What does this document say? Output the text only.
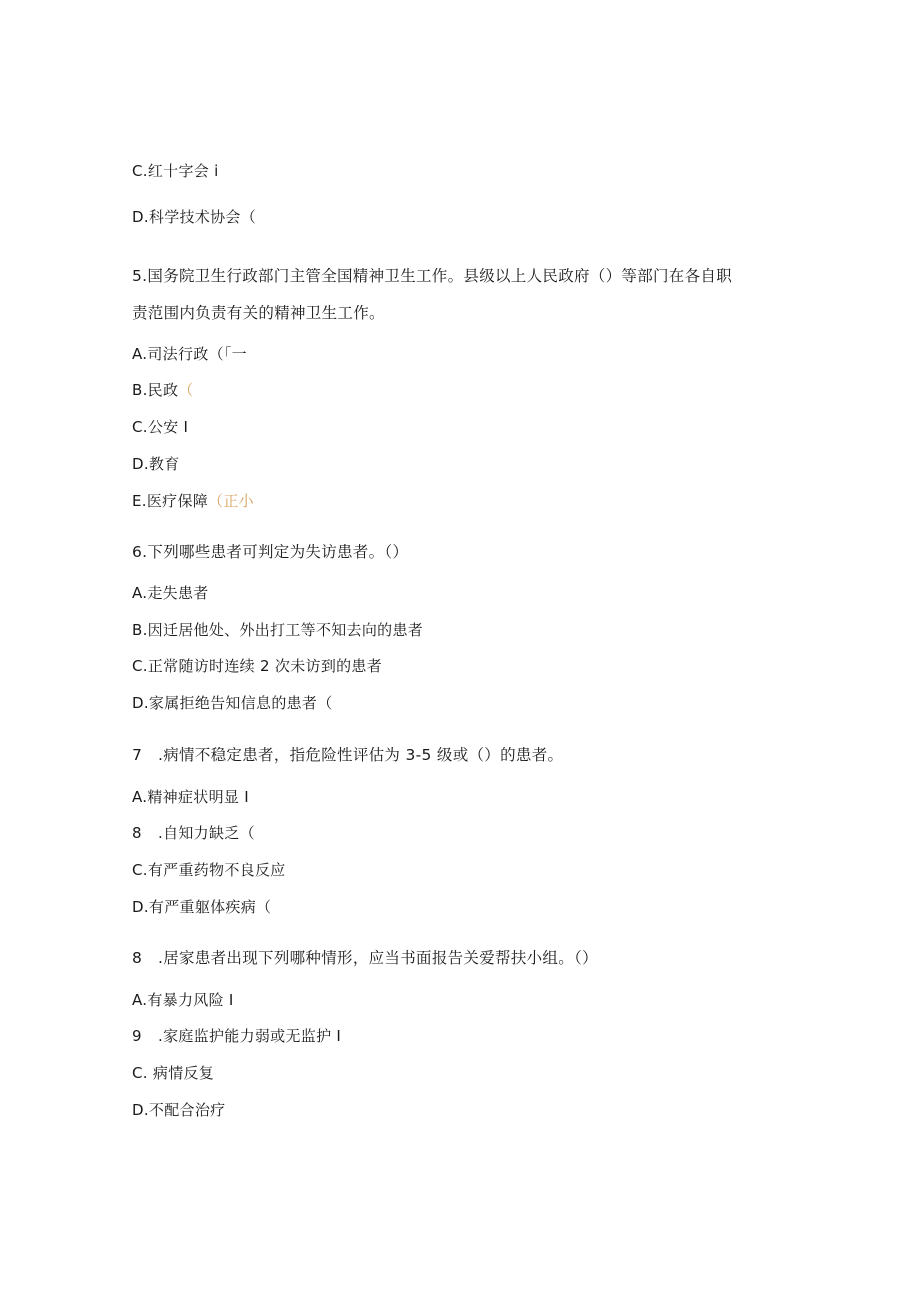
C.红十字会 i
D.科学技术协会（
5.国务院卫生行政部门主管全国精神卫生工作。县级以上人民政府（）等部门在各自职
责范围内负责有关的精神卫生工作。
A.司法行政（「一
B.民政（
C.公安 I
D.教育
E.医疗保障（正小
6.下列哪些患者可判定为失访患者。（）
A.走失患者
B.因迁居他处、外出打工等不知去向的患者
C.正常随访时连续 2 次未访到的患者
D.家属拒绝告知信息的患者（
7 .病情不稳定患者，指危险性评估为 3-5 级或（）的患者。
A.精神症状明显 I
8 .自知力缺乏（
C.有严重药物不良反应
D.有严重躯体疾病（
8 .居家患者出现下列哪种情形，应当书面报告关爱帮扶小组。（）
A.有暴力风险 I
9 .家庭监护能力弱或无监护 I
C. 病情反复
D.不配合治疗
